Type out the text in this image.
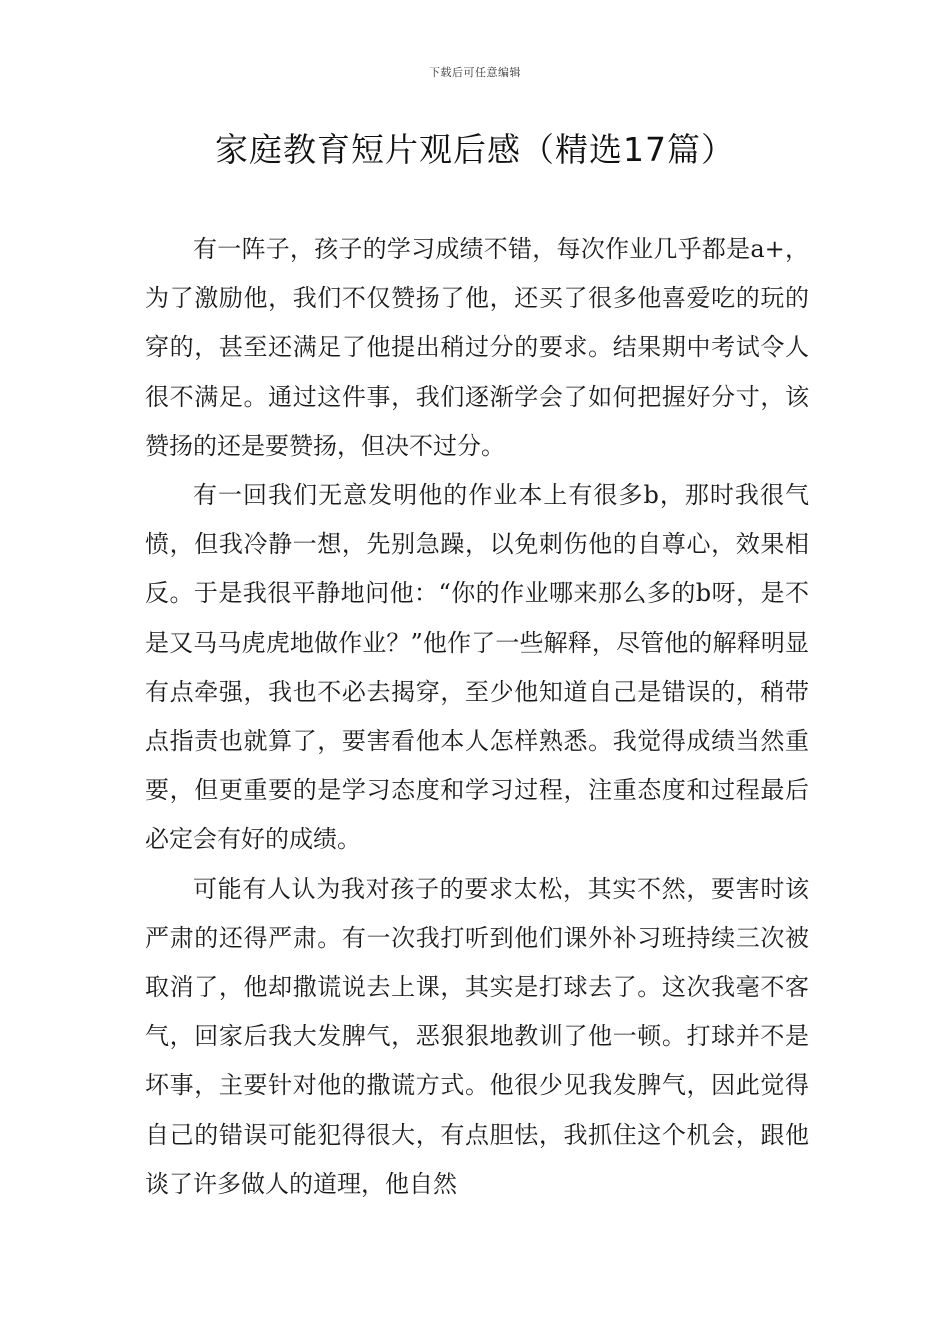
下载后可任意编辑
家庭教育短片观后感（精选17篇）

有一阵子，孩子的学习成绩不错，每次作业几乎都是a+，为了激励他，我们不仅赞扬了他，还买了很多他喜爱吃的玩的穿的，甚至还满足了他提出稍过分的要求。结果期中考试令人很不满足。通过这件事，我们逐渐学会了如何把握好分寸，该赞扬的还是要赞扬，但决不过分。

有一回我们无意发明他的作业本上有很多b，那时我很气愤，但我冷静一想，先别急躁，以免刺伤他的自尊心，效果相反。于是我很平静地问他：“你的作业哪来那么多的b呀，是不是又马马虎虎地做作业？”他作了一些解释，尽管他的解释明显有点牵强，我也不必去揭穿，至少他知道自己是错误的，稍带点指责也就算了，要害看他本人怎样熟悉。我觉得成绩当然重要，但更重要的是学习态度和学习过程，注重态度和过程最后必定会有好的成绩。

可能有人认为我对孩子的要求太松，其实不然，要害时该严肃的还得严肃。有一次我打听到他们课外补习班持续三次被取消了，他却撒谎说去上课，其实是打球去了。这次我毫不客气，回家后我大发脾气，恶狠狠地教训了他一顿。打球并不是坏事，主要针对他的撒谎方式。他很少见我发脾气，因此觉得自己的错误可能犯得很大，有点胆怯，我抓住这个机会，跟他谈了许多做人的道理，他自然
